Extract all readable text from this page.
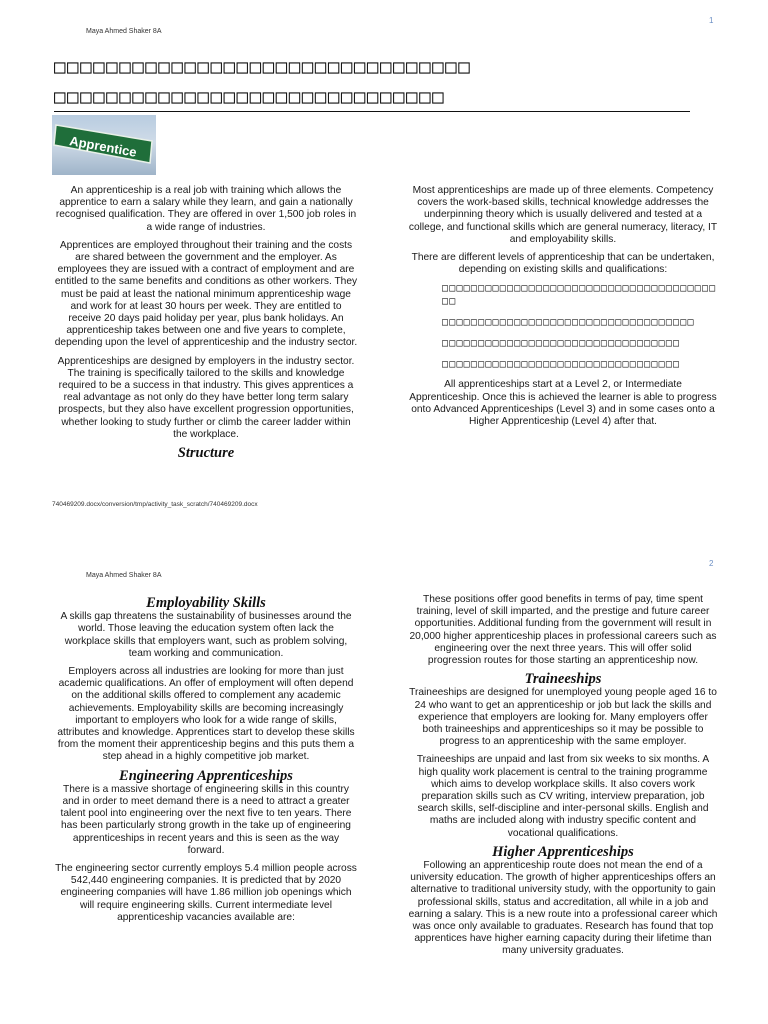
Maya Ahmed Shaker 8A
1
□□□□□□□□□□□□□□□□□□□□□□□□□□□□□□□□
□□□□□□□□□□□□□□□□□□□□□□□□□□□□□□
Apprentice

An apprenticeship is a real job with training which allows the apprentice to earn a salary while they learn, and gain a nationally recognised qualification. They are offered in over 1,500 job roles in a wide range of industries.

Apprentices are employed throughout their training and the costs are shared between the government and the employer. As employees they are issued with a contract of employment and are entitled to the same benefits and conditions as other workers. They must be paid at least the national minimum apprenticeship wage and work for at least 30 hours per week. They are entitled to receive 20 days paid holiday per year, plus bank holidays. An apprenticeship takes between one and five years to complete, depending upon the level of apprenticeship and the industry sector.

Apprenticeships are designed by employers in the industry sector. The training is specifically tailored to the skills and knowledge required to be a success in that industry. This gives apprentices a real advantage as not only do they have better long term salary prospects, but they also have excellent progression opportunities, whether looking to study further or climb the career ladder within the workplace.

Structure

Most apprenticeships are made up of three elements. Competency covers the work-based skills, technical knowledge addresses the underpinning theory which is usually delivered and tested at a college, and functional skills which are general numeracy, literacy, IT and employability skills.

There are different levels of apprenticeship that can be undertaken, depending on existing skills and qualifications:

□□□□□□□□□□□□□□□□□□□□□□□□□□□□□□□□□□□□□□□□
□□□□□□□□□□□□□□□□□□□□□□□□□□□□□□□□□□□
□□□□□□□□□□□□□□□□□□□□□□□□□□□□□□□□□
□□□□□□□□□□□□□□□□□□□□□□□□□□□□□□□□□

All apprenticeships start at a Level 2, or Intermediate Apprenticeship. Once this is achieved the learner is able to progress onto Advanced Apprenticeships (Level 3) and in some cases onto a Higher Apprenticeship (Level 4) after that.

740469209.docx/conversion/tmp/activity_task_scratch/740469209.docx
Maya Ahmed Shaker 8A
2
Employability Skills

A skills gap threatens the sustainability of businesses around the world. Those leaving the education system often lack the workplace skills that employers want, such as problem solving, team working and communication.

Employers across all industries are looking for more than just academic qualifications. An offer of employment will often depend on the additional skills offered to complement any academic achievements. Employability skills are becoming increasingly important to employers who look for a wide range of skills, attributes and knowledge. Apprentices start to develop these skills from the moment their apprenticeship begins and this puts them a step ahead in a highly competitive job market.

Engineering Apprenticeships

There is a massive shortage of engineering skills in this country and in order to meet demand there is a need to attract a greater talent pool into engineering over the next five to ten years. There has been particularly strong growth in the take up of engineering apprenticeships in recent years and this is seen as the way forward.

The engineering sector currently employs 5.4 million people across 542,440 engineering companies. It is predicted that by 2020 engineering companies will have 1.86 million job openings which will require engineering skills. Current intermediate level apprenticeship vacancies available are:

These positions offer good benefits in terms of pay, time spent training, level of skill imparted, and the prestige and future career opportunities. Additional funding from the government will result in 20,000 higher apprenticeship places in professional careers such as engineering over the next three years. This will offer solid progression routes for those starting an apprenticeship now.

Traineeships

Traineeships are designed for unemployed young people aged 16 to 24 who want to get an apprenticeship or job but lack the skills and experience that employers are looking for. Many employers offer both traineeships and apprenticeships so it may be possible to progress to an apprenticeship with the same employer.

Traineeships are unpaid and last from six weeks to six months. A high quality work placement is central to the training programme which aims to develop workplace skills. It also covers work preparation skills such as CV writing, interview preparation, job search skills, self-discipline and inter-personal skills. English and maths are included along with industry specific content and vocational qualifications.

Higher Apprenticeships

Following an apprenticeship route does not mean the end of a university education. The growth of higher apprenticeships offers an alternative to traditional university study, with the opportunity to gain professional skills, status and accreditation, all while in a job and earning a salary. This is a new route into a professional career which was once only available to graduates. Research has found that top apprentices have higher earning capacity during their lifetime than many university graduates.
